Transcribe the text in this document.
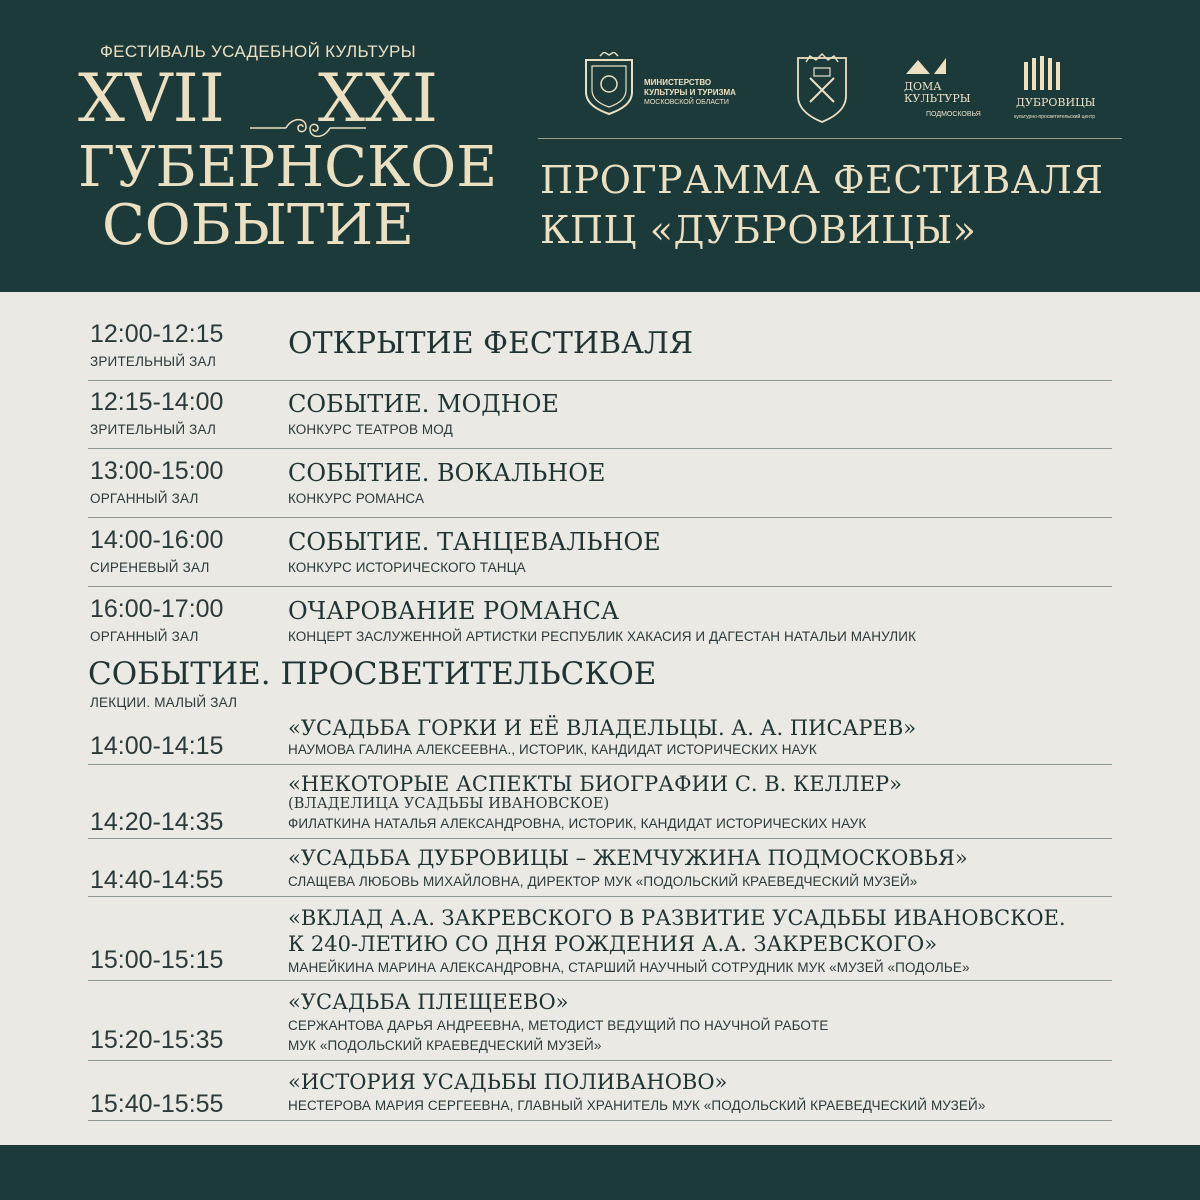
ФЕСТИВАЛЬ УСАДЕБНОЙ КУЛЬТУРЫ
XVII XXI
ГУБЕРНСКОЕ
СОБЫТИЕ
МИНИСТЕРСТВО
КУЛЬТУРЫ И ТУРИЗМА
МОСКОВСКОЙ ОБЛАСТИ
ДОМА
КУЛЬТУРЫ
ПОДМОСКОВЬЯ
ДУБРОВИЦЫ
культурно-просветительский центр
ПРОГРАММА ФЕСТИВАЛЯ
КПЦ «ДУБРОВИЦЫ»
12:00-12:15
ЗРИТЕЛЬНЫЙ ЗАЛ
ОТКРЫТИЕ ФЕСТИВАЛЯ
12:15-14:00
ЗРИТЕЛЬНЫЙ ЗАЛ
СОБЫТИЕ. МОДНОЕ
КОНКУРС ТЕАТРОВ МОД
13:00-15:00
ОРГАННЫЙ ЗАЛ
СОБЫТИЕ. ВОКАЛЬНОЕ
КОНКУРС РОМАНСА
14:00-16:00
СИРЕНЕВЫЙ ЗАЛ
СОБЫТИЕ. ТАНЦЕВАЛЬНОЕ
КОНКУРС ИСТОРИЧЕСКОГО ТАНЦА
16:00-17:00
ОРГАННЫЙ ЗАЛ
ОЧАРОВАНИЕ РОМАНСА
КОНЦЕРТ ЗАСЛУЖЕННОЙ АРТИСТКИ РЕСПУБЛИК ХАКАСИЯ И ДАГЕСТАН НАТАЛЬИ МАНУЛИК
СОБЫТИЕ. ПРОСВЕТИТЕЛЬСКОЕ
ЛЕКЦИИ. МАЛЫЙ ЗАЛ
14:00-14:15
«УСАДЬБА ГОРКИ И ЕЁ ВЛАДЕЛЬЦЫ. А. А. ПИСАРЕВ»
НАУМОВА ГАЛИНА АЛЕКСЕЕВНА., ИСТОРИК, КАНДИДАТ ИСТОРИЧЕСКИХ НАУК
14:20-14:35
«НЕКОТОРЫЕ АСПЕКТЫ БИОГРАФИИ С. В. КЕЛЛЕР»
(ВЛАДЕЛИЦА УСАДЬБЫ ИВАНОВСКОЕ)
ФИЛАТКИНА НАТАЛЬЯ АЛЕКСАНДРОВНА, ИСТОРИК, КАНДИДАТ ИСТОРИЧЕСКИХ НАУК
14:40-14:55
«УСАДЬБА ДУБРОВИЦЫ – ЖЕМЧУЖИНА ПОДМОСКОВЬЯ»
СЛАЩЕВА ЛЮБОВЬ МИХАЙЛОВНА, ДИРЕКТОР МУК «ПОДОЛЬСКИЙ КРАЕВЕДЧЕСКИЙ МУЗЕЙ»
15:00-15:15
«ВКЛАД А.А. ЗАКРЕВСКОГО В РАЗВИТИЕ УСАДЬБЫ ИВАНОВСКОЕ.
К 240-ЛЕТИЮ СО ДНЯ РОЖДЕНИЯ А.А. ЗАКРЕВСКОГО»
МАНЕЙКИНА МАРИНА АЛЕКСАНДРОВНА, СТАРШИЙ НАУЧНЫЙ СОТРУДНИК МУК «МУЗЕЙ «ПОДОЛЬЕ»
15:20-15:35
«УСАДЬБА ПЛЕЩЕЕВО»
СЕРЖАНТОВА ДАРЬЯ АНДРЕЕВНА, МЕТОДИСТ ВЕДУЩИЙ ПО НАУЧНОЙ РАБОТЕ
МУК «ПОДОЛЬСКИЙ КРАЕВЕДЧЕСКИЙ МУЗЕЙ»
15:40-15:55
«ИСТОРИЯ УСАДЬБЫ ПОЛИВАНОВО»
НЕСТЕРОВА МАРИЯ СЕРГЕЕВНА, ГЛАВНЫЙ ХРАНИТЕЛЬ МУК «ПОДОЛЬСКИЙ КРАЕВЕДЧЕСКИЙ МУЗЕЙ»
